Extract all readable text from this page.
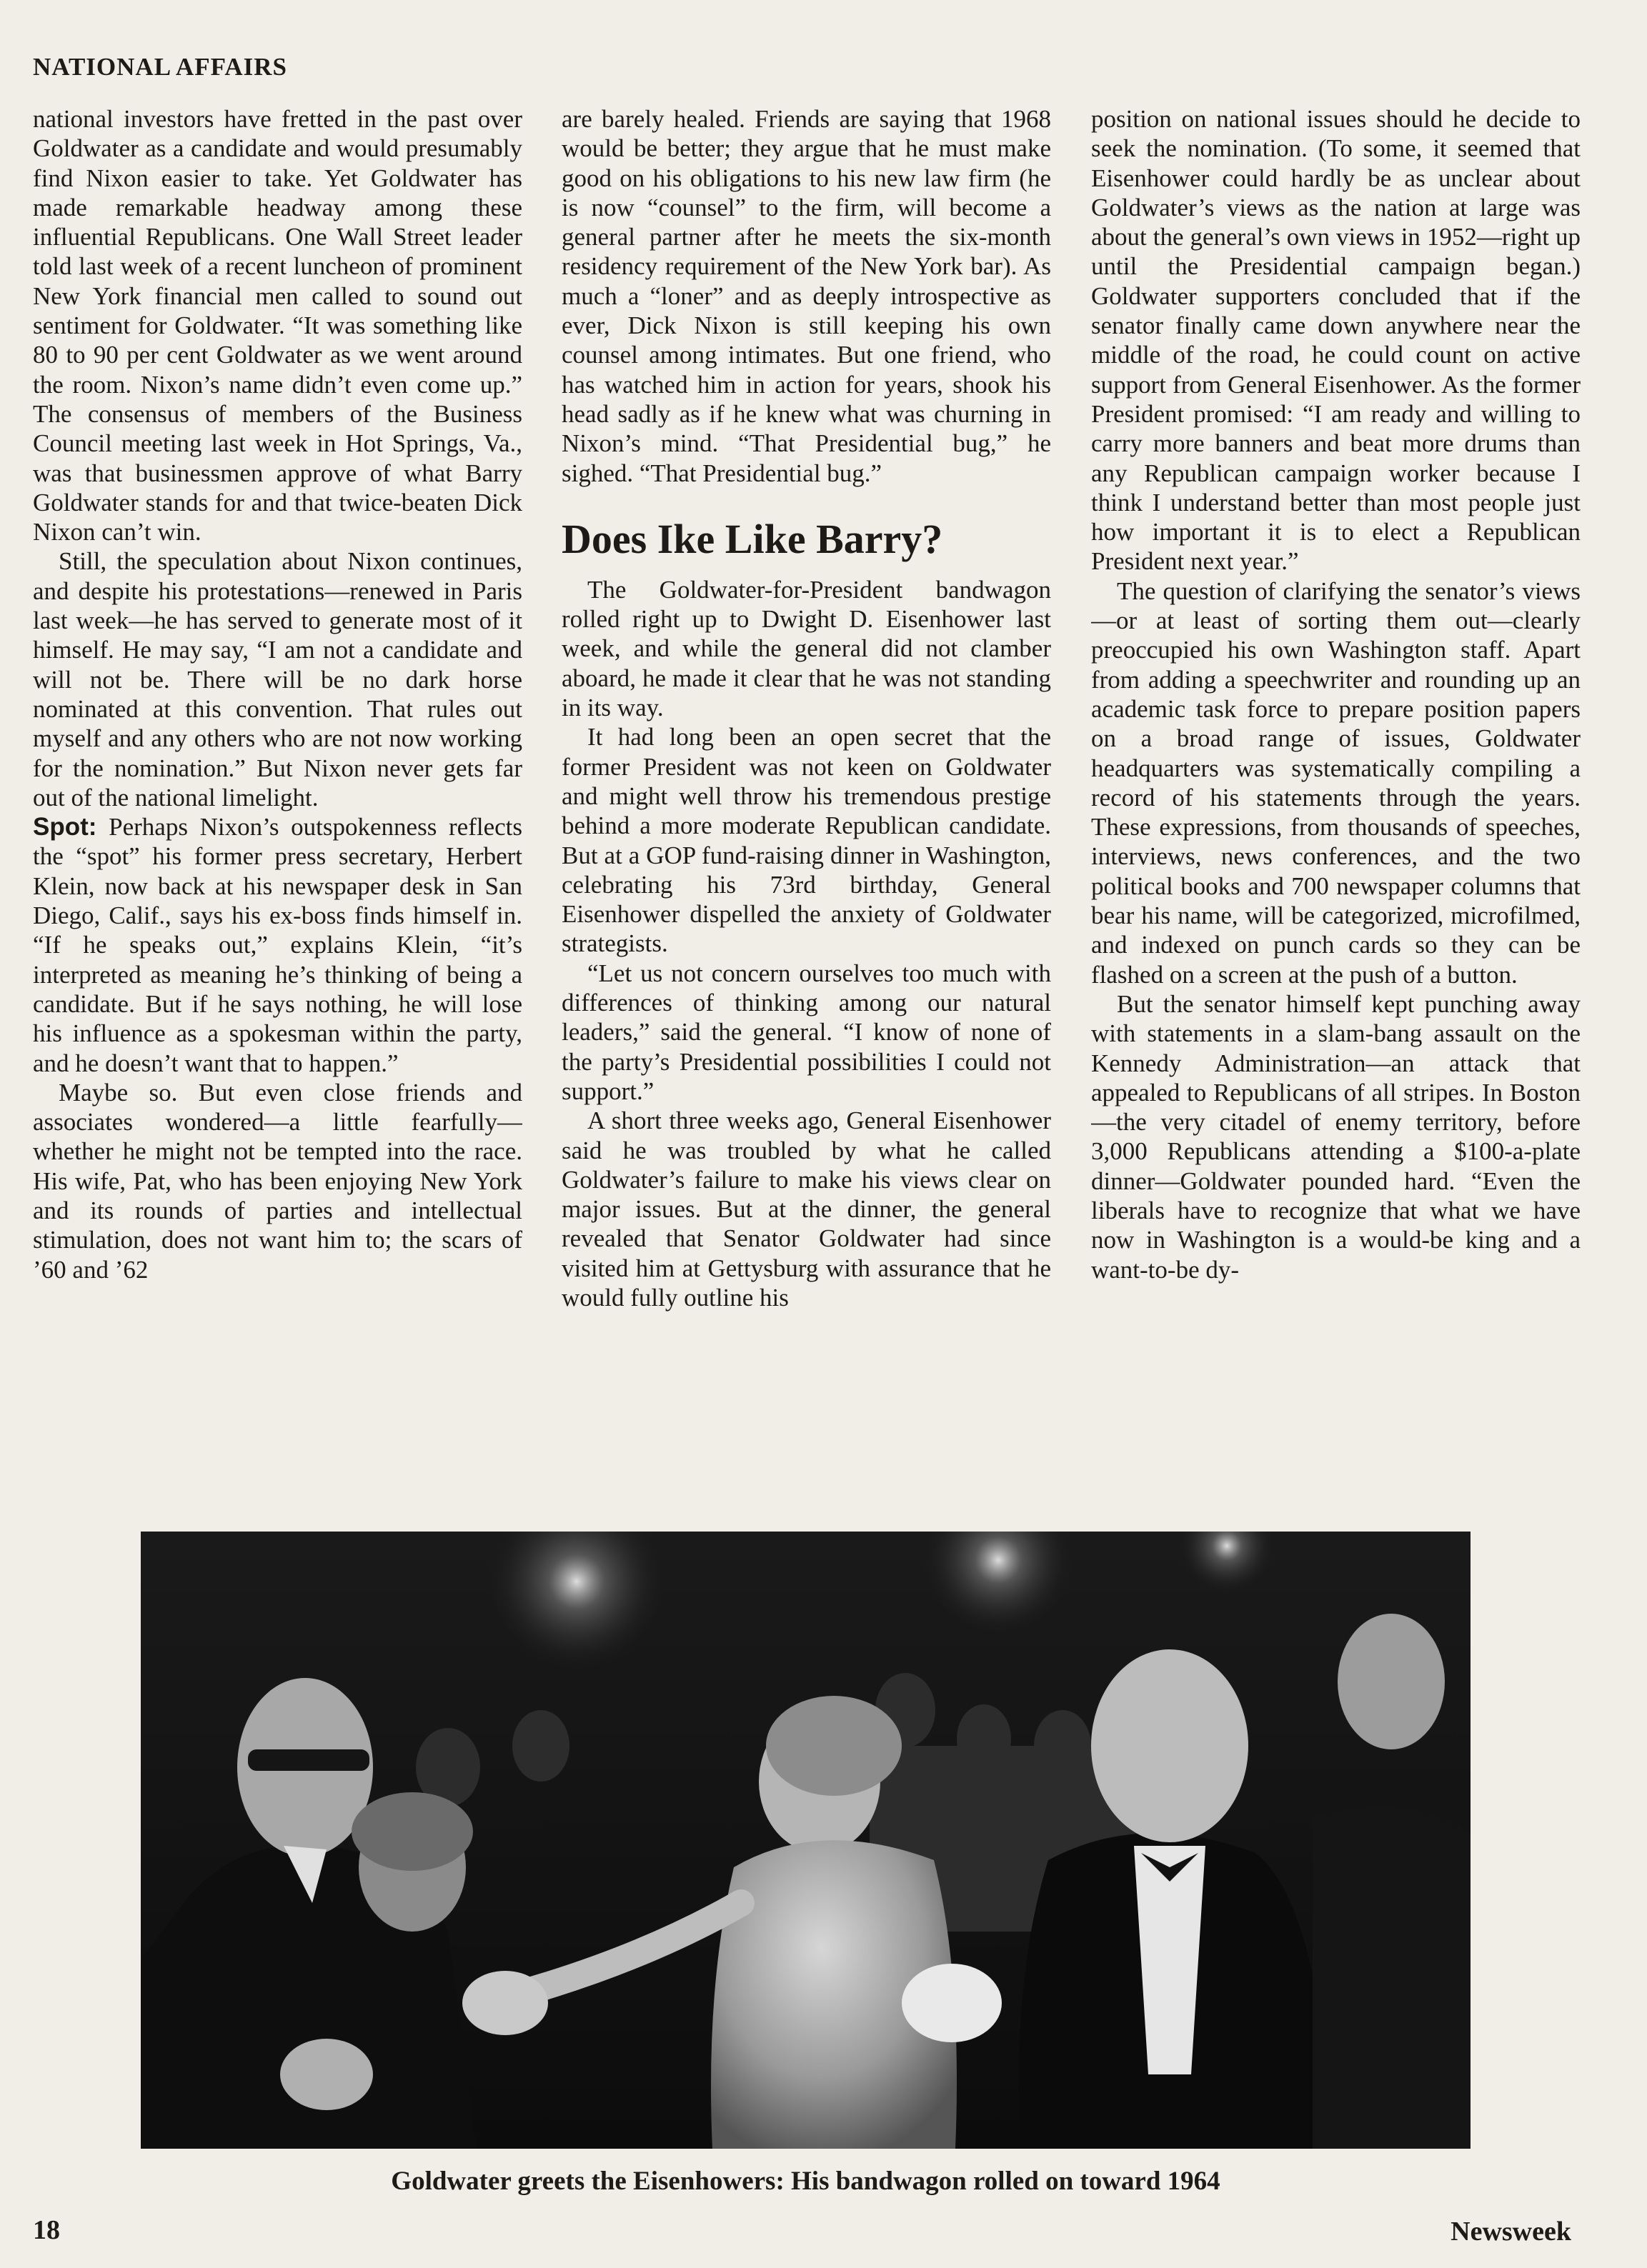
NATIONAL AFFAIRS

national investors have fretted in the past over Goldwater as a candidate and would presumably find Nixon easier to take. Yet Goldwater has made remarkable headway among these influential Republicans. One Wall Street leader told last week of a recent luncheon of prominent New York financial men called to sound out sentiment for Goldwater. “It was something like 80 to 90 per cent Goldwater as we went around the room. Nixon’s name didn’t even come up.” The consensus of members of the Business Council meeting last week in Hot Springs, Va., was that businessmen approve of what Barry Goldwater stands for and that twice-beaten Dick Nixon can’t win.

Still, the speculation about Nixon continues, and despite his protestations—renewed in Paris last week—he has served to generate most of it himself. He may say, “I am not a candidate and will not be. There will be no dark horse nominated at this convention. That rules out myself and any others who are not now working for the nomination.” But Nixon never gets far out of the national limelight.

Spot: Perhaps Nixon’s outspokenness reflects the “spot” his former press secretary, Herbert Klein, now back at his newspaper desk in San Diego, Calif., says his ex-boss finds himself in. “If he speaks out,” explains Klein, “it’s interpreted as meaning he’s thinking of being a candidate. But if he says nothing, he will lose his influence as a spokesman within the party, and he doesn’t want that to happen.”

Maybe so. But even close friends and associates wondered—a little fearfully—whether he might not be tempted into the race. His wife, Pat, who has been enjoying New York and its rounds of parties and intellectual stimulation, does not want him to; the scars of ’60 and ’62

are barely healed. Friends are saying that 1968 would be better; they argue that he must make good on his obligations to his new law firm (he is now “counsel” to the firm, will become a general partner after he meets the six-month residency requirement of the New York bar). As much a “loner” and as deeply introspective as ever, Dick Nixon is still keeping his own counsel among intimates. But one friend, who has watched him in action for years, shook his head sadly as if he knew what was churning in Nixon’s mind. “That Presidential bug,” he sighed. “That Presidential bug.”

Does Ike Like Barry?

The Goldwater-for-President bandwagon rolled right up to Dwight D. Eisenhower last week, and while the general did not clamber aboard, he made it clear that he was not standing in its way.

It had long been an open secret that the former President was not keen on Goldwater and might well throw his tremendous prestige behind a more moderate Republican candidate. But at a GOP fund-raising dinner in Washington, celebrating his 73rd birthday, General Eisenhower dispelled the anxiety of Goldwater strategists.

“Let us not concern ourselves too much with differences of thinking among our natural leaders,” said the general. “I know of none of the party’s Presidential possibilities I could not support.”

A short three weeks ago, General Eisenhower said he was troubled by what he called Goldwater’s failure to make his views clear on major issues. But at the dinner, the general revealed that Senator Goldwater had since visited him at Gettysburg with assurance that he would fully outline his

position on national issues should he decide to seek the nomination. (To some, it seemed that Eisenhower could hardly be as unclear about Goldwater’s views as the nation at large was about the general’s own views in 1952—right up until the Presidential campaign began.) Goldwater supporters concluded that if the senator finally came down anywhere near the middle of the road, he could count on active support from General Eisenhower. As the former President promised: “I am ready and willing to carry more banners and beat more drums than any Republican campaign worker because I think I understand better than most people just how important it is to elect a Republican President next year.”

The question of clarifying the senator’s views—or at least of sorting them out—clearly preoccupied his own Washington staff. Apart from adding a speechwriter and rounding up an academic task force to prepare position papers on a broad range of issues, Goldwater headquarters was systematically compiling a record of his statements through the years. These expressions, from thousands of speeches, interviews, news conferences, and the two political books and 700 newspaper columns that bear his name, will be categorized, microfilmed, and indexed on punch cards so they can be flashed on a screen at the push of a button.

But the senator himself kept punching away with statements in a slam-bang assault on the Kennedy Administration—an attack that appealed to Republicans of all stripes. In Boston—the very citadel of enemy territory, before 3,000 Republicans attending a $100-a-plate dinner—Goldwater pounded hard. “Even the liberals have to recognize that what we have now in Washington is a would-be king and a want-to-be dy-

Goldwater greets the Eisenhowers: His bandwagon rolled on toward 1964
18	Newsweek
